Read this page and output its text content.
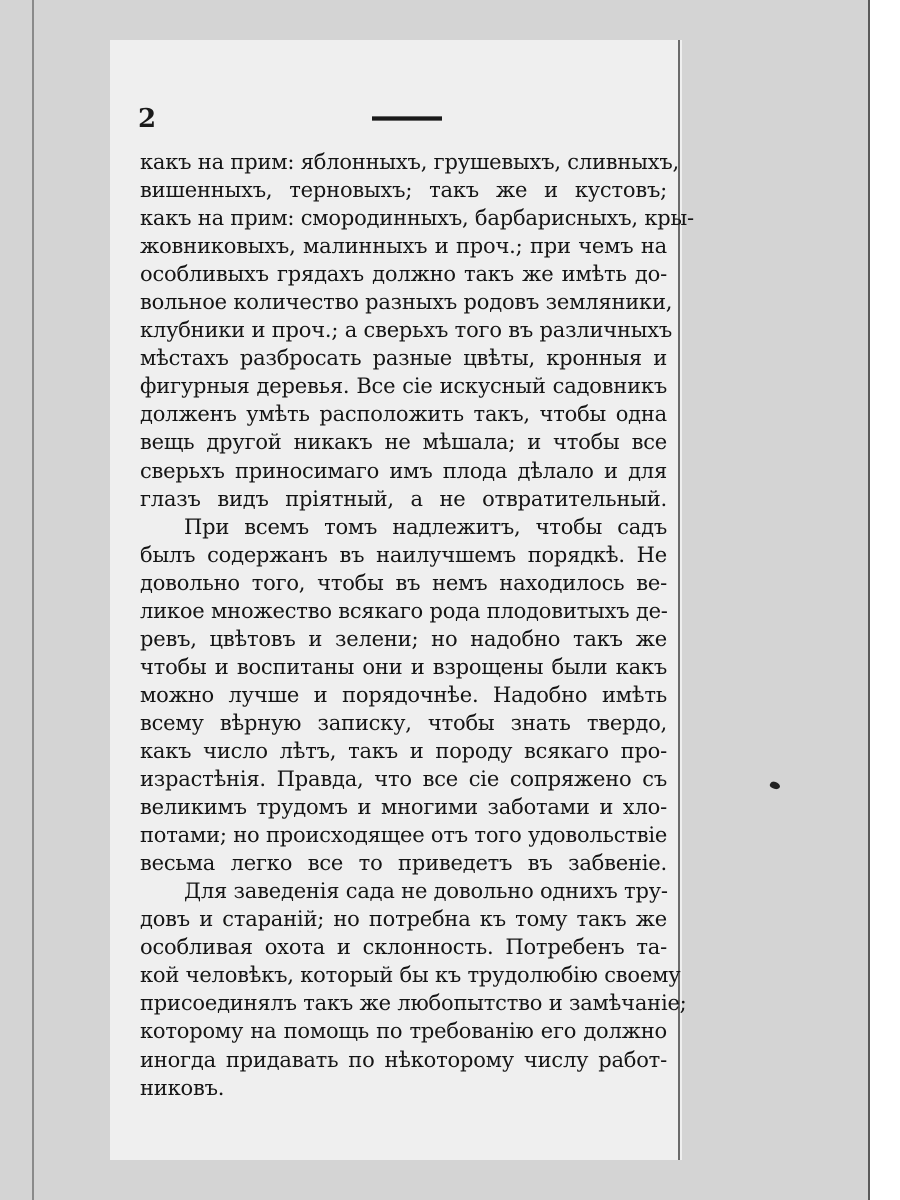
2
какъ на прим: яблонныхъ, грушевыхъ, сливныхъ,
вишенныхъ, терновыхъ; такъ же и кустовъ;
какъ на прим: смородинныхъ, барбарисныхъ, кры-
жовниковыхъ, малинныхъ и проч.; при чемъ на
особливыхъ грядахъ должно такъ же имѣть до-
вольное количество разныхъ родовъ земляники,
клубники и проч.; а сверьхъ того въ различныхъ
мѣстахъ разбросать разные цвѣты, кронныя и
фигурныя деревья. Все сіе искусный садовникъ
долженъ умѣть расположить такъ, чтобы одна
вещь другой никакъ не мѣшала; и чтобы все
сверьхъ приносимаго имъ плода дѣлало и для
глазъ видъ пріятный, а не отвратительный.
При всемъ томъ надлежитъ, чтобы садъ
былъ содержанъ въ наилучшемъ порядкѣ. Не
довольно того, чтобы въ немъ находилось ве-
ликое множество всякаго рода плодовитыхъ де-
ревъ, цвѣтовъ и зелени; но надобно такъ же
чтобы и воспитаны они и взрощены были какъ
можно лучше и порядочнѣе. Надобно имѣть
всему вѣрную записку, чтобы знать твердо,
какъ число лѣтъ, такъ и породу всякаго про-
израстѣнія. Правда, что все сіе сопряжено съ
великимъ трудомъ и многими заботами и хло-
потами; но происходящее отъ того удовольствіе
весьма легко все то приведетъ въ забвеніе.
Для заведенія сада не довольно однихъ тру-
довъ и стараній; но потребна къ тому такъ же
особливая охота и склонность. Потребенъ та-
кой человѣкъ, который бы къ трудолюбію своему
присоединялъ такъ же любопытство и замѣчаніе;
которому на помощь по требованію его должно
иногда придавать по нѣкоторому числу работ-
никовъ.
